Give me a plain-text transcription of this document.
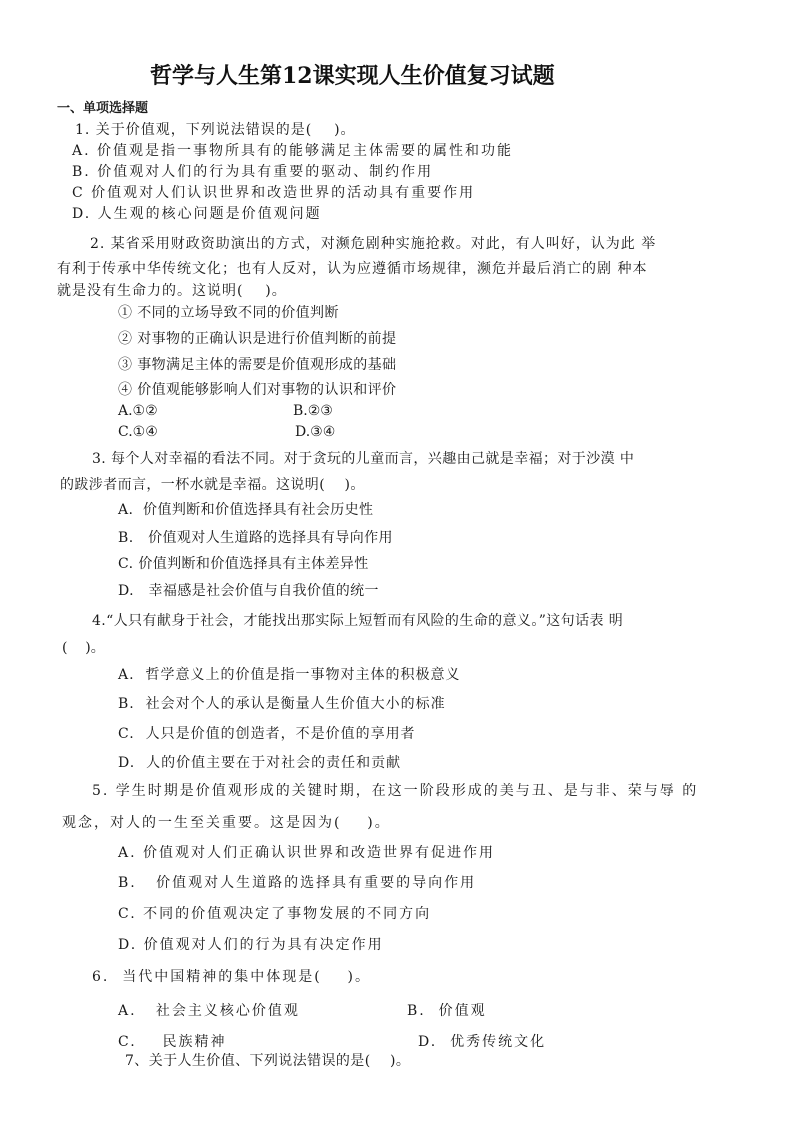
哲学与人生第12课实现人生价值复习试题
一、单项选择题
1. 关于价值观，下列说法错误的是(    )。
A. 价值观是指一事物所具有的能够满足主体需要的属性和功能
B. 价值观对人们的行为具有重要的驱动、制约作用
C 价值观对人们认识世界和改造世界的活动具有重要作用
D. 人生观的核心问题是价值观问题
2. 某省采用财政资助演出的方式，对濒危剧种实施抢救。对此，有人叫好，认为此 举
有利于传承中华传统文化；也有人反对，认为应遵循市场规律，濒危并最后消亡的剧 种本
就是没有生命力的。这说明(    )。
① 不同的立场导致不同的价值判断
② 对事物的正确认识是进行价值判断的前提
③ 事物满足主体的需要是价值观形成的基础
④ 价值观能够影响人们对事物的认识和评价
A.①②	B.②③
C.①④	D.③④
3. 每个人对幸福的看法不同。对于贪玩的儿童而言，兴趣由己就是幸福；对于沙漠 中
的跋涉者而言，一杯水就是幸福。这说明(    )。
A.  价值判断和价值选择具有社会历史性
B.   价值观对人生道路的选择具有导向作用
C. 价值判断和价值选择具有主体差异性
D.   幸福感是社会价值与自我价值的统一
4.“人只有献身于社会，才能找出那实际上短暂而有风险的生命的意义。”这句话表 明
(    )。
A.  哲学意义上的价值是指一事物对主体的积极意义
B.  社会对个人的承认是衡量人生价值大小的标准
C.  人只是价值的创造者，不是价值的享用者
D.  人的价值主要在于对社会的责任和贡献
5. 学生时期是价值观形成的关键时期，在这一阶段形成的美与丑、是与非、荣与辱 的
观念，对人的一生至关重要。这是因为(    )。
A. 价值观对人们正确认识世界和改造世界有促进作用
B.   价值观对人生道路的选择具有重要的导向作用
C. 不同的价值观决定了事物发展的不同方向
D. 价值观对人们的行为具有决定作用
6.  当代中国精神的集中体现是(    )。
A.   社会主义核心价值观	B.  价值观
C.    民族精神	D.  优秀传统文化
7、关于人生价值、下列说法错误的是(    )。
